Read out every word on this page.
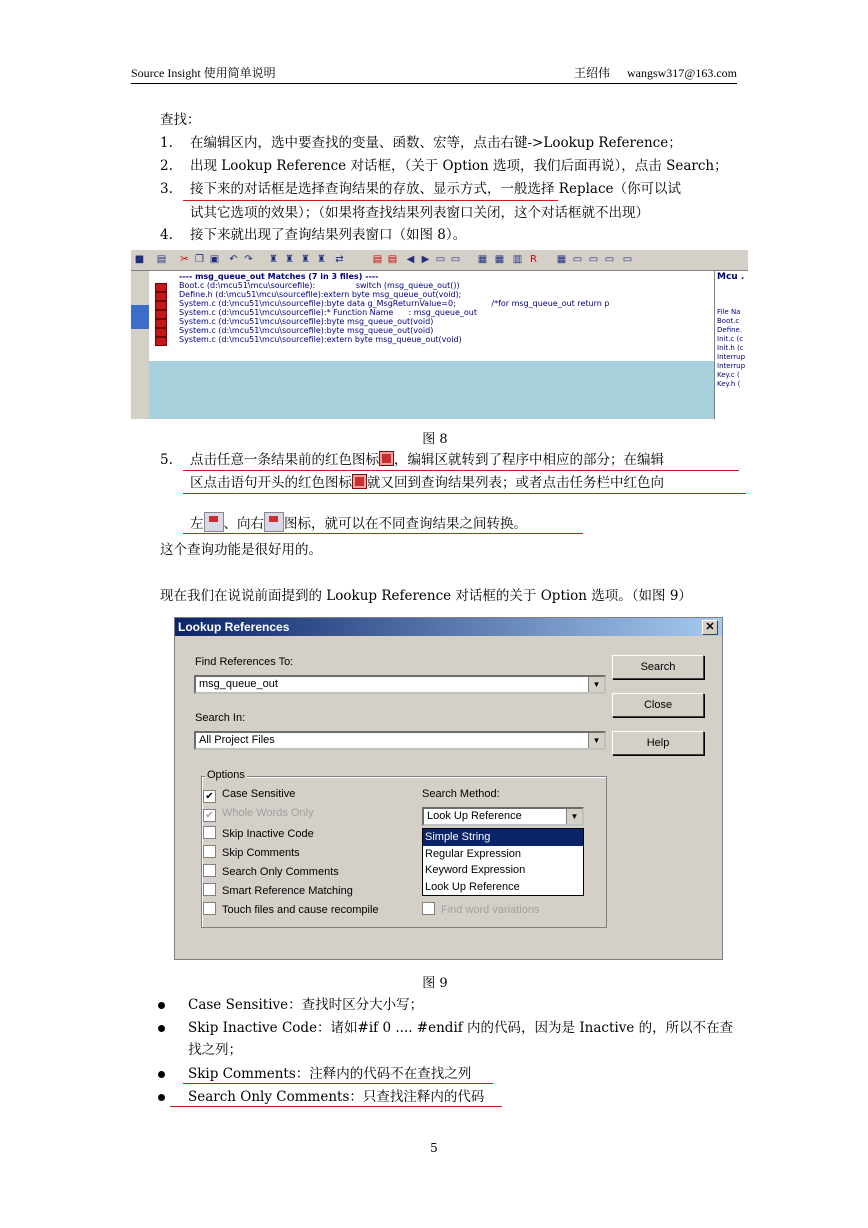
Source Insight 使用简单说明	王绍伟 wangsw317@163.com
查找：
1. 在编辑区内，选中要查找的变量、函数、宏等，点击右键->Lookup Reference；
2. 出现 Lookup Reference 对话框，（关于 Option 选项，我们后面再说），点击 Search；
3. 接下来的对话框是选择查询结果的存放、显示方式，一般选择 Replace（你可以试
试其它选项的效果）；（如果将查找结果列表窗口关闭，这个对话框就不出现）
4. 接下来就出现了查询结果列表窗口（如图 8）。
■ ▤ ✂ ❐ ▣ ↶ ↷ ♜ ♜ ♜ ♜ ⇄	▤ ▤ ◀ ▶ ▭ ▭ ▦ ▦ ▥ R	▦ ▭ ▭ ▭ ▭
---- msg_queue_out Matches (7 in 3 files) ----
Boot.c (d:\mcu51\mcu\sourcefile):                switch (msg_queue_out())
Define.h (d:\mcu51\mcu\sourcefile):extern byte msg_queue_out(void);
System.c (d:\mcu51\mcu\sourcefile):byte data g_MsgReturnValue=0;              /*for msg_queue_out return p
System.c (d:\mcu51\mcu\sourcefile):* Function Name      : msg_queue_out
System.c (d:\mcu51\mcu\sourcefile):byte msg_queue_out(void)
System.c (d:\mcu51\mcu\sourcefile):byte msg_queue_out(void)
System.c (d:\mcu51\mcu\sourcefile):extern byte msg_queue_out(void)
Mcu .
File Na
Boot.c
Define.
Init.c (c
Init.h (c
Interrup
Interrup
Key.c (
Key.h (
图 8
5. 点击任意一条结果前的红色图标 ，编辑区就转到了程序中相应的部分；在编辑
区点击语句开头的红色图标 就又回到查询结果列表；或者点击任务栏中红色向
左 、向右 图标，就可以在不同查询结果之间转换。
这个查询功能是很好用的。
现在我们在说说前面提到的 Lookup Reference 对话框的关于 Option 选项。（如图 9）
Lookup References	✕
Find References To:
msg_queue_out	▼
Search In:
All Project Files	▼
Search
Close
Help
Options
✔ Case Sensitive
✔ Whole Words Only
Skip Inactive Code
Skip Comments
Search Only Comments
Smart Reference Matching
Touch files and cause recompile
Search Method:
Look Up Reference	▼
Simple String
Regular Expression
Keyword Expression
Look Up Reference
Find word variations
图 9
Case Sensitive：查找时区分大小写；
Skip Inactive Code：诸如#if 0 .... #endif 内的代码，因为是 Inactive 的，所以不在查
找之列；
Skip Comments：注释内的代码不在查找之列
Search Only Comments：只查找注释内的代码
5
